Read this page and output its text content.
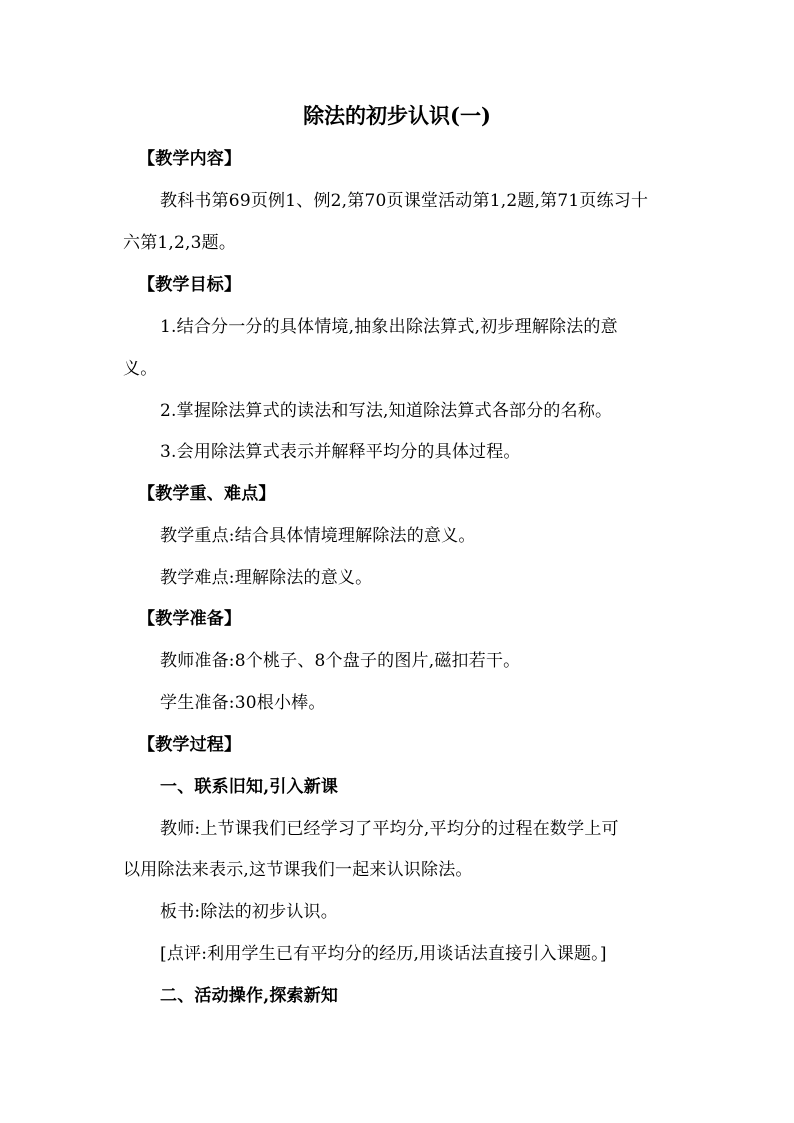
除法的初步认识(一)
【教学内容】
教科书第69页例1、例2,第70页课堂活动第1,2题,第71页练习十
六第1,2,3题。
【教学目标】
1.结合分一分的具体情境,抽象出除法算式,初步理解除法的意
义。
2.掌握除法算式的读法和写法,知道除法算式各部分的名称。
3.会用除法算式表示并解释平均分的具体过程。
【教学重、难点】
教学重点:结合具体情境理解除法的意义。
教学难点:理解除法的意义。
【教学准备】
教师准备:8个桃子、8个盘子的图片,磁扣若干。
学生准备:30根小棒。
【教学过程】
一、联系旧知,引入新课
教师:上节课我们已经学习了平均分,平均分的过程在数学上可
以用除法来表示,这节课我们一起来认识除法。
板书:除法的初步认识。
[点评:利用学生已有平均分的经历,用谈话法直接引入课题。]
二、活动操作,探索新知
